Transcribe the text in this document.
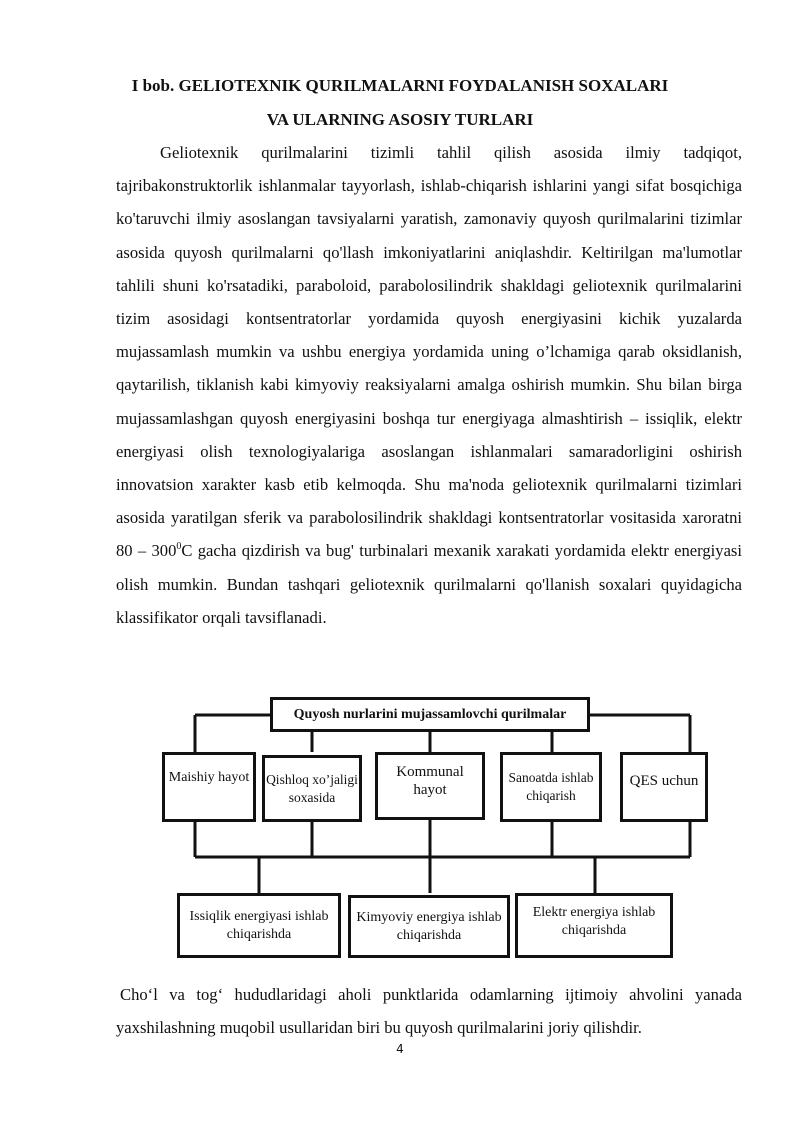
I bob. GELIOTEXNIK QURILMALARNI FOYDALANISH SOXALARI
VA ULARNING ASOSIY TURLARI

Geliotexnik qurilmalarini tizimli tahlil qilish asosida ilmiy tadqiqot, tajribakonstruktorlik ishlanmalar tayyorlash, ishlab-chiqarish ishlarini yangi sifat bosqichiga ko'taruvchi ilmiy asoslangan tavsiyalarni yaratish, zamonaviy quyosh qurilmalarini tizimlar asosida quyosh qurilmalarni qo'llash imkoniyatlarini aniqlashdir. Keltirilgan ma'lumotlar tahlili shuni ko'rsatadiki, paraboloid, parabolosilindrik shakldagi geliotexnik qurilmalarini tizim asosidagi kontsentratorlar yordamida quyosh energiyasini kichik yuzalarda mujassamlash mumkin va ushbu energiya yordamida uning o’lchamiga qarab oksidlanish, qaytarilish, tiklanish kabi kimyoviy reaksiyalarni amalga oshirish mumkin. Shu bilan birga mujassamlashgan quyosh energiyasini boshqa tur energiyaga almashtirish – issiqlik, elektr energiyasi olish texnologiyalariga asoslangan ishlanmalari samaradorligini oshirish innovatsion xarakter kasb etib kelmoqda. Shu ma'noda geliotexnik qurilmalarni tizimlari asosida yaratilgan sferik va parabolosilindrik shakldagi kontsentratorlar vositasida xaroratni $80 - 300^0C$ gacha qizdirish va bug' turbinalari mexanik xarakati yordamida elektr energiyasi olish mumkin. Bundan tashqari geliotexnik qurilmalarni qo'llanish soxalari quyidagicha klassifikator orqali tavsiflanadi.

Quyosh nurlarini mujassamlovchi qurilmalar
Maishiy hayot	Qishloq xo’jaligi soxasida
Kommunal hayot
Sanoatda ishlab chiqarish
QES uchun
Issiqlik energiyasi ishlab chiqarishda
Kimyoviy energiya ishlab chiqarishda
Elektr energiya ishlab chiqarishda

Cho‘l va tog‘ hududlaridagi aholi punktlarida odamlarning ijtimoiy ahvolini yanada yaxshilashning muqobil usullaridan biri bu quyosh qurilmalarini joriy qilishdir.

4
